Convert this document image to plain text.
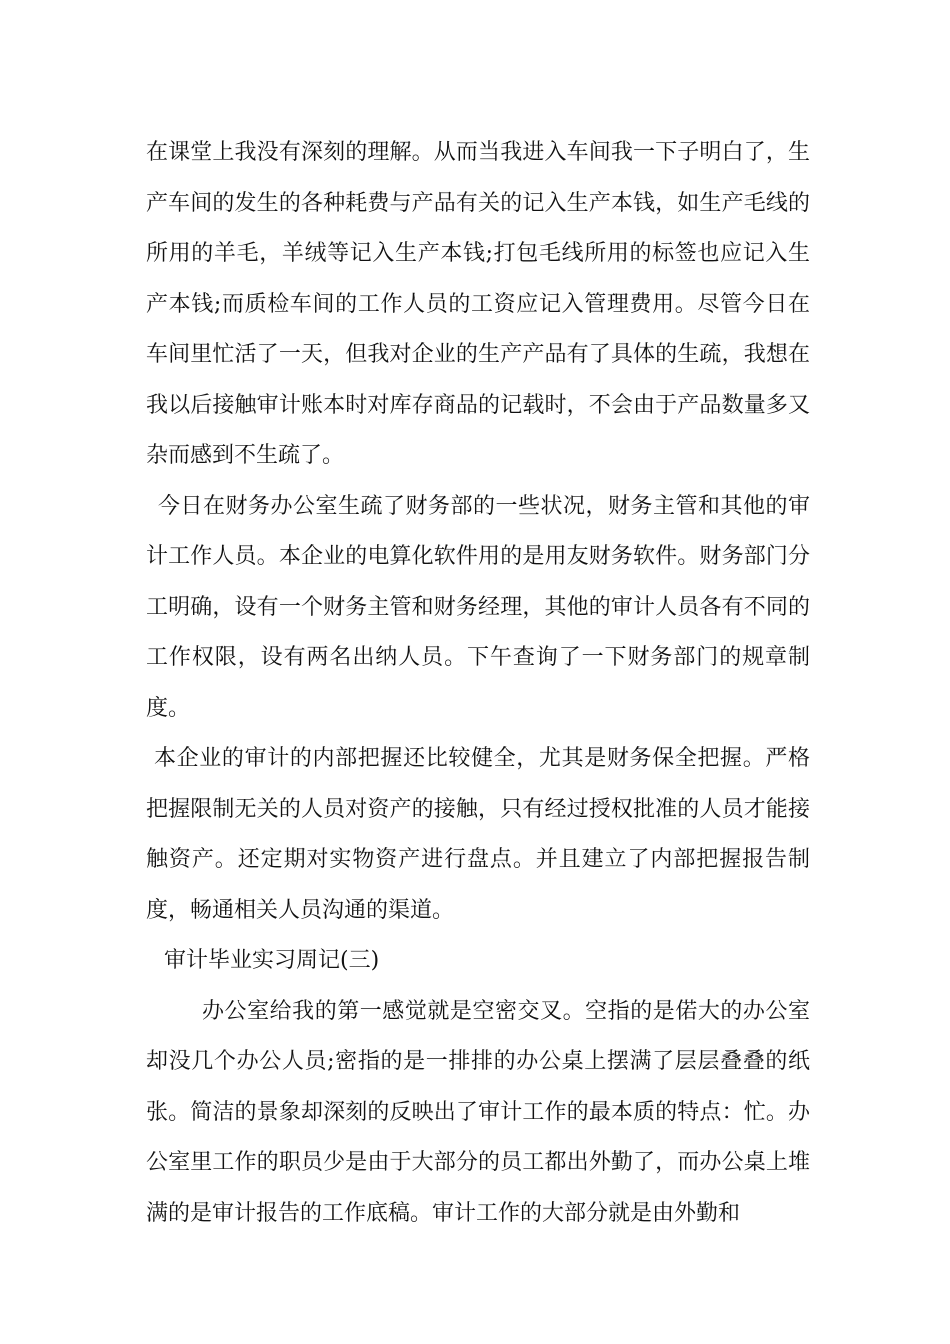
在课堂上我没有深刻的理解。从而当我进入车间我一下子明白了，生产车间的发生的各种耗费与产品有关的记入生产本钱，如生产毛线的所用的羊毛，羊绒等记入生产本钱;打包毛线所用的标签也应记入生产本钱;而质检车间的工作人员的工资应记入管理费用。尽管今日在车间里忙活了一天，但我对企业的生产产品有了具体的生疏，我想在我以后接触审计账本时对库存商品的记载时，不会由于产品数量多又杂而感到不生疏了。

今日在财务办公室生疏了财务部的一些状况，财务主管和其他的审计工作人员。本企业的电算化软件用的是用友财务软件。财务部门分工明确，设有一个财务主管和财务经理，其他的审计人员各有不同的工作权限，设有两名出纳人员。下午查询了一下财务部门的规章制度。

本企业的审计的内部把握还比较健全，尤其是财务保全把握。严格把握限制无关的人员对资产的接触，只有经过授权批准的人员才能接触资产。还定期对实物资产进行盘点。并且建立了内部把握报告制度，畅通相关人员沟通的渠道。

审计毕业实习周记(三)

办公室给我的第一感觉就是空密交叉。空指的是偌大的办公室却没几个办公人员;密指的是一排排的办公桌上摆满了层层叠叠的纸张。简洁的景象却深刻的反映出了审计工作的最本质的特点：忙。办公室里工作的职员少是由于大部分的员工都出外勤了，而办公桌上堆满的是审计报告的工作底稿。审计工作的大部分就是由外勤和
